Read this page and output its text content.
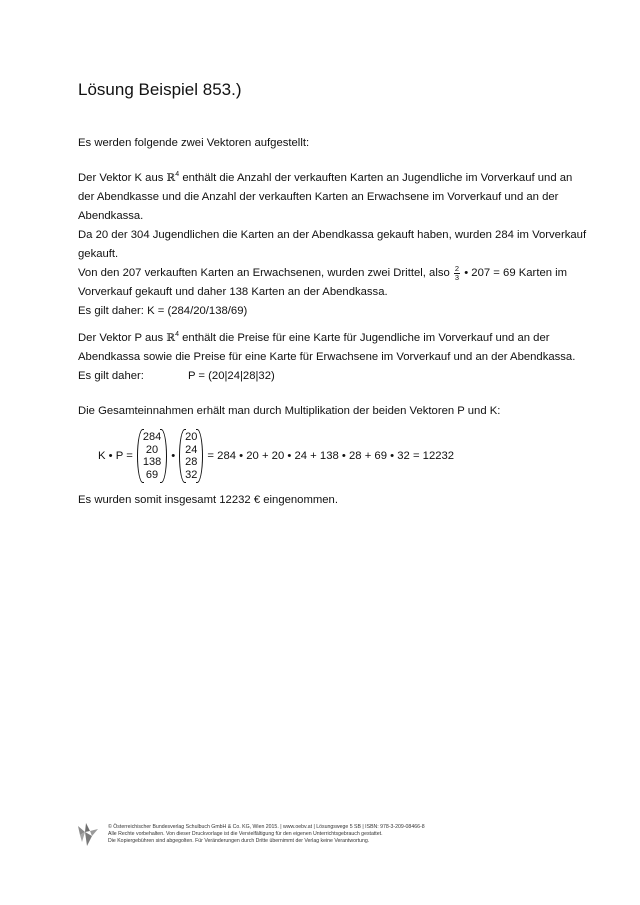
Lösung Beispiel 853.)

Es werden folgende zwei Vektoren aufgestellt:

Der Vektor K aus ℝ$^4$ enthält die Anzahl der verkauften Karten an Jugendliche im Vorverkauf und an

der Abendkasse und die Anzahl der verkauften Karten an Erwachsene im Vorverkauf und an der

Abendkassa.

Da 20 der 304 Jugendlichen die Karten an der Abendkassa gekauft haben, wurden 284 im Vorverkauf

gekauft.

Von den 207 verkauften Karten an Erwachsenen, wurden zwei Drittel, also $\frac{2}{3}$ • 207 = 69 Karten im

Vorverkauf gekauft und daher 138 Karten an der Abendkassa.

Es gilt daher: K = (284/20/138/69)

Der Vektor P aus ℝ$^4$ enthält die Preise für eine Karte für Jugendliche im Vorverkauf und an der

Abendkassa sowie die Preise für eine Karte für Erwachsene im Vorverkauf und an der Abendkassa.

Es gilt daher:	P = (20|24|28|32)

Die Gesamteinnahmen erhält man durch Multiplikation der beiden Vektoren P und K:

K • P =
284
20
138
69
•
20
24
28
32
= 284 • 20 + 20 • 24 + 138 • 28 + 69 • 32 = 12232

Es wurden somit insgesamt 12232 € eingenommen.

© Österreichischer Bundesverlag Schulbuch GmbH & Co. KG, Wien 2015. | www.oebv.at | Lösungswege 5 SB | ISBN: 978-3-209-08466-8
Alle Rechte vorbehalten. Von dieser Druckvorlage ist die Vervielfältigung für den eigenen Unterrichtsgebrauch gestattet.
Die Kopiergebühren sind abgegolten. Für Veränderungen durch Dritte übernimmt der Verlag keine Verantwortung.
